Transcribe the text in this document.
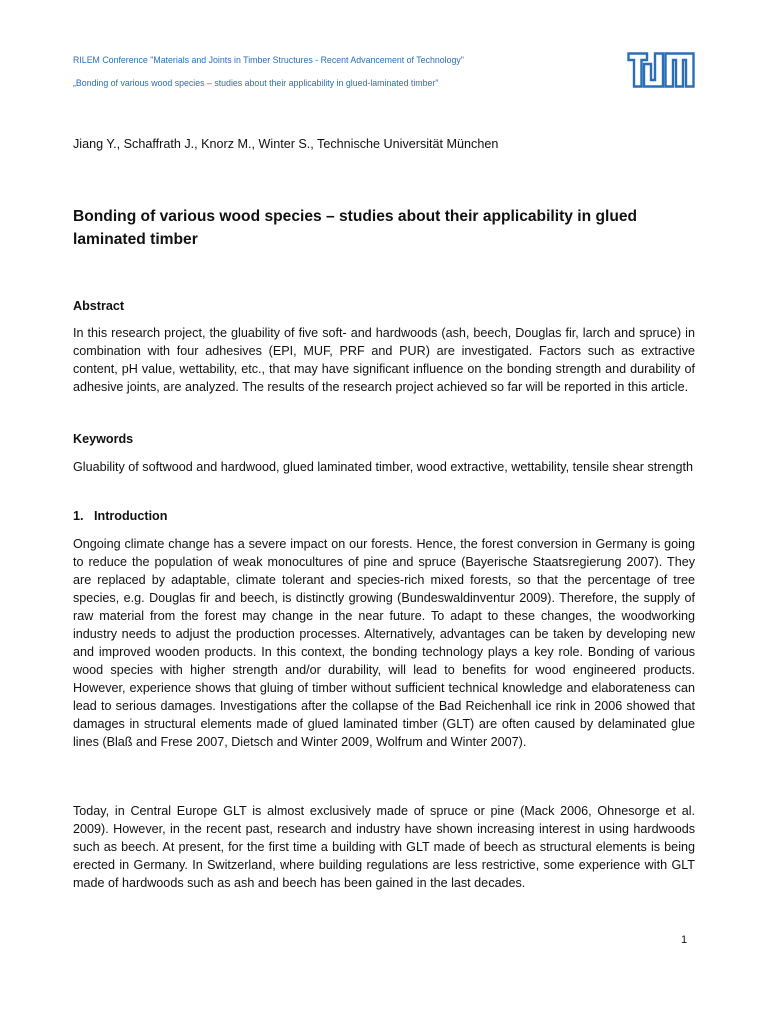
RILEM Conference "Materials and Joints in Timber Structures - Recent Advancement of Technology"
„Bonding of various wood species – studies about their applicability in glued-laminated timber"
Jiang Y., Schaffrath J., Knorz M., Winter S., Technische Universität München
Bonding of various wood species – studies about their applicability in glued laminated timber
Abstract

In this research project, the gluability of five soft- and hardwoods (ash, beech, Douglas fir, larch and spruce) in combination with four adhesives (EPI, MUF, PRF and PUR) are investigated. Factors such as extractive content, pH value, wettability, etc., that may have significant influence on the bonding strength and durability of adhesive joints, are analyzed. The results of the research project achieved so far will be reported in this article.

Keywords

Gluability of softwood and hardwood, glued laminated timber, wood extractive, wettability, tensile shear strength

1.   Introduction

Ongoing climate change has a severe impact on our forests. Hence, the forest conversion in Germany is going to reduce the population of weak monocultures of pine and spruce (Bayerische Staatsregierung 2007). They are replaced by adaptable, climate tolerant and species-rich mixed forests, so that the percentage of tree species, e.g. Douglas fir and beech, is distinctly growing (Bundeswaldinventur 2009). Therefore, the supply of raw material from the forest may change in the near future. To adapt to these changes, the woodworking industry needs to adjust the production processes. Alternatively, advantages can be taken by developing new and improved wooden products. In this context, the bonding technology plays a key role. Bonding of various wood species with higher strength and/or durability, will lead to benefits for wood engineered products. However, experience shows that gluing of timber without sufficient technical knowledge and elaborateness can lead to serious damages. Investigations after the collapse of the Bad Reichenhall ice rink in 2006 showed that damages in structural elements made of glued laminated timber (GLT) are often caused by delaminated glue lines (Blaß and Frese 2007, Dietsch and Winter 2009, Wolfrum and Winter 2007).

Today, in Central Europe GLT is almost exclusively made of spruce or pine (Mack 2006, Ohnesorge et al. 2009). However, in the recent past, research and industry have shown increasing interest in using hardwoods such as beech. At present, for the first time a building with GLT made of beech as structural elements is being erected in Germany. In Switzerland, where building regulations are less restrictive, some experience with GLT made of hardwoods such as ash and beech has been gained in the last decades.

1
